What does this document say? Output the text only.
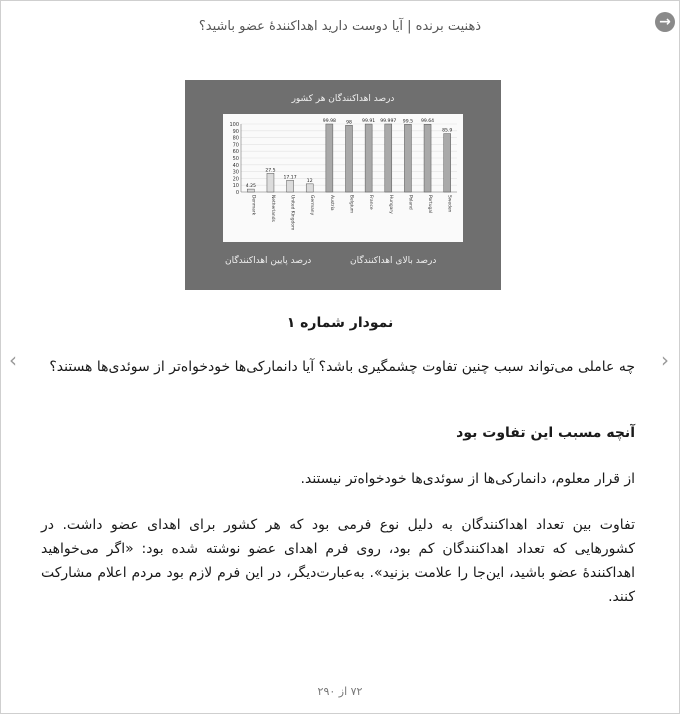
→
ذهنیت برنده | آیا دوست دارید اهداکننده‌ٔ عضو باشید؟
‹	›
درصد اهداکنندگان هر کشور
0
10
20
30
40
50
60
70
80
90
100
4.25
Denmark
27.5
Netherlands
17.17
United Kingdom
12
Germany
99.98
Austria
98
Belgium
99.91
France
99.997
Hungary
99.5
Poland
99.64
Portugal
85.9
Sweden
درصد پایین اهداکنندگان	درصد بالای اهداکنندگان
نمودار شماره ۱
چه عاملی می‌تواند سبب چنین تفاوت چشمگیری باشد؟ آیا دانمارکی‌ها خودخواه‌تر از سوئدی‌ها هستند؟
آنچه مسبب این تفاوت بود
از قرار معلوم، دانمارکی‌ها از سوئدی‌ها خودخواه‌تر نیستند.
تفاوت بین تعداد اهداکنندگان به دلیل نوع فرمی بود که هر کشور برای اهدای عضو داشت. در کشورهایی که تعداد اهداکنندگان کم بود، روی فرم اهدای عضو نوشته شده بود: «اگر می‌خواهید اهداکننده‌ٔ عضو باشید، این‌جا را علامت بزنید». به‌عبارت‌دیگر، در این فرم لازم بود مردم اعلام مشارکت کنند.
۷۲ از ۲۹۰
